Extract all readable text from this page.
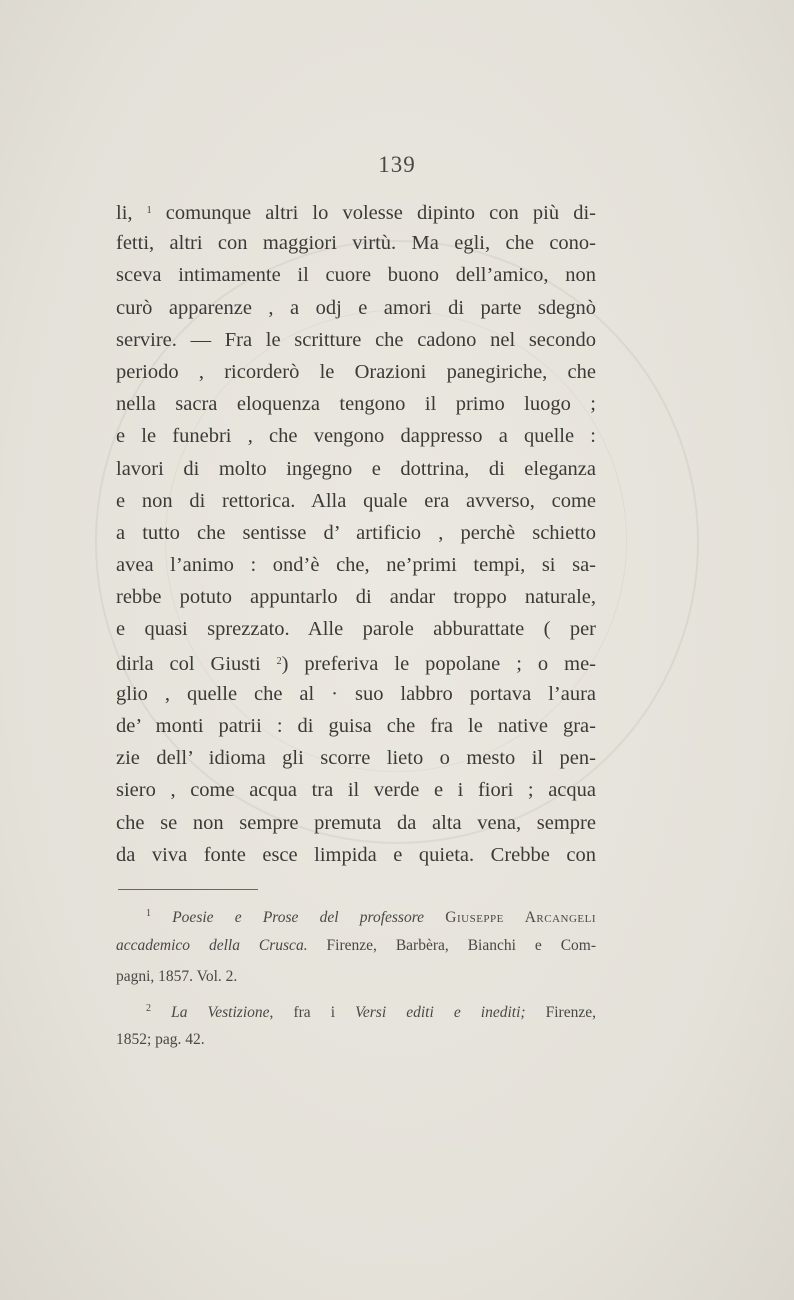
139
li, $^1$ comunque altri lo volesse dipinto con più di-
fetti, altri con maggiori virtù. Ma egli, che cono-
sceva intimamente il cuore buono dell’amico, non
curò apparenze , a odj e amori di parte sdegnò
servire. — Fra le scritture che cadono nel secondo
periodo , ricorderò le Orazioni panegiriche, che
nella sacra eloquenza tengono il primo luogo ;
e le funebri , che vengono dappresso a quelle :
lavori di molto ingegno e dottrina, di eleganza
e non di rettorica. Alla quale era avverso, come
a tutto che sentisse d’ artificio , perchè schietto
avea l’animo : ond’è che, ne’primi tempi, si sa-
rebbe potuto appuntarlo di andar troppo naturale,
e quasi sprezzato. Alle parole abburattate ( per
dirla col Giusti $^2$) preferiva le popolane ; o me-
glio , quelle che al · suo labbro portava l’aura
de’ monti patrii : di guisa che fra le native gra-
zie dell’ idioma gli scorre lieto o mesto il pen-
siero , come acqua tra il verde e i fiori ; acqua
che se non sempre premuta da alta vena, sempre
da viva fonte esce limpida e quieta. Crebbe con
$^1$ Poesie e Prose del professore Giuseppe Arcangeli
accademico della Crusca. Firenze, Barbèra, Bianchi e Com-
pagni, 1857. Vol. 2.
$^2$ La Vestizione, fra i Versi editi e inediti; Firenze,
1852; pag. 42.
